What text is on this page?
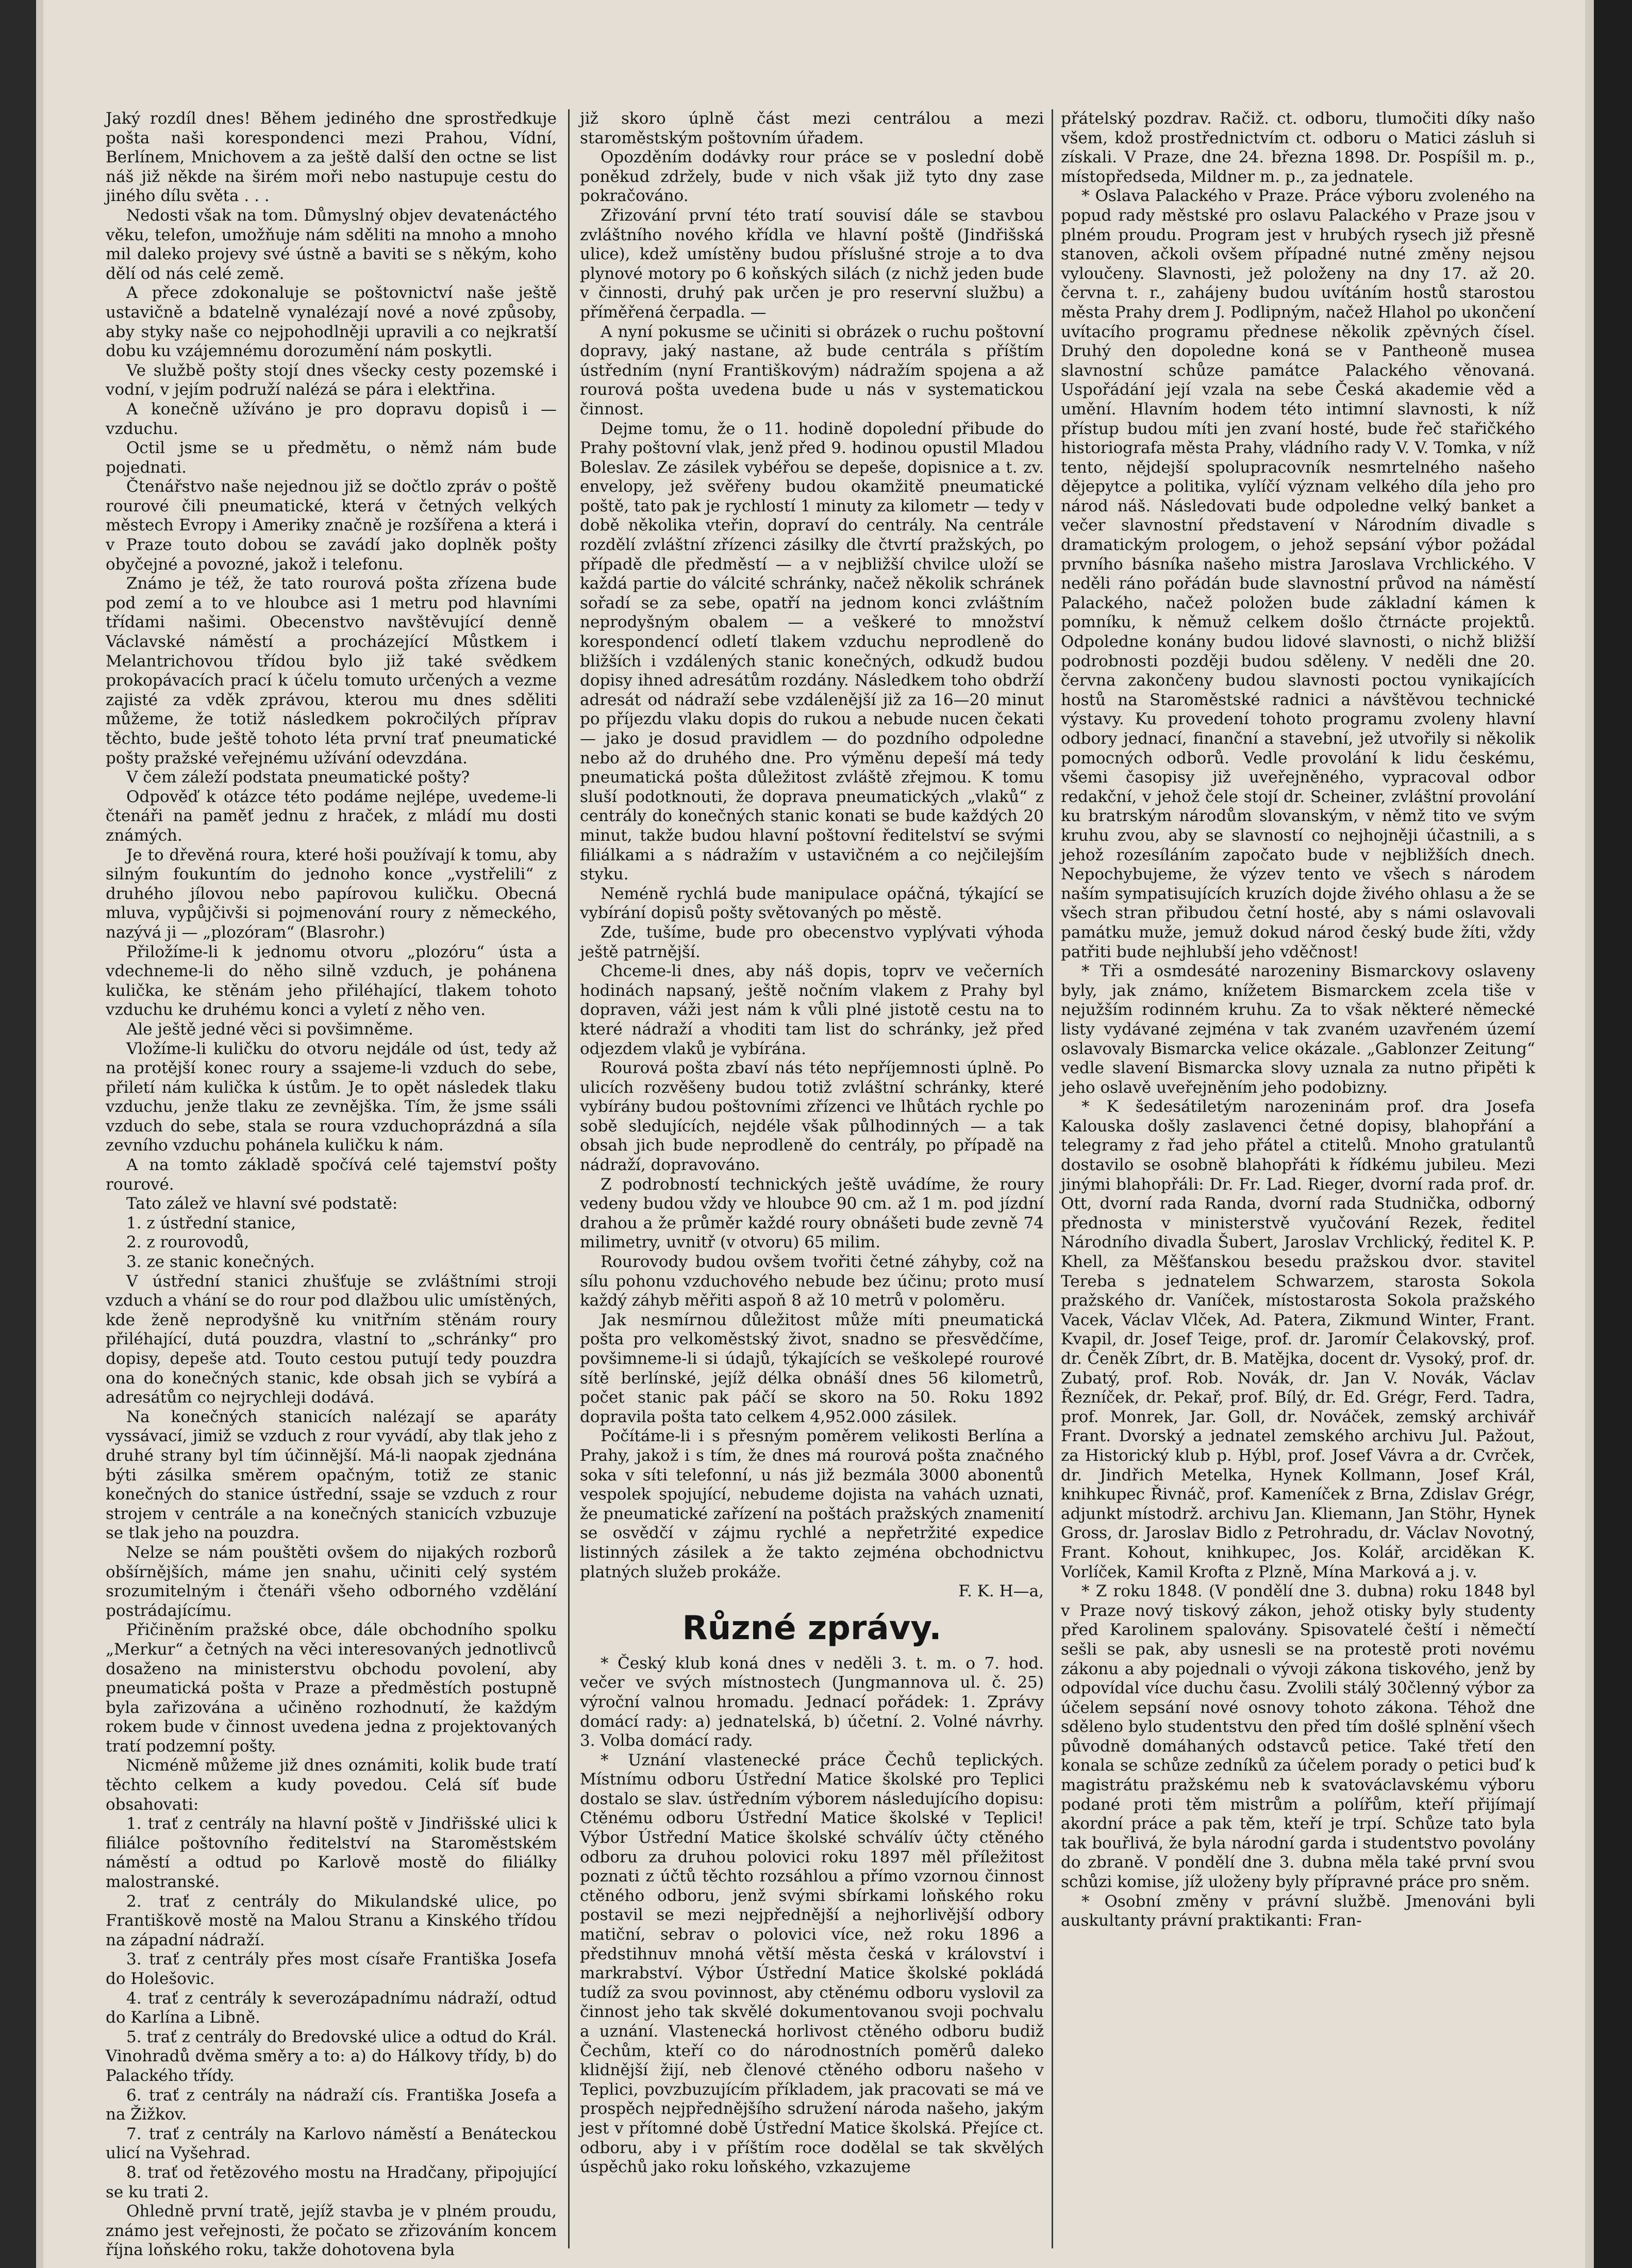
Jaký rozdíl dnes! Během jediného dne sprostředkuje pošta naši korespondenci mezi Prahou, Vídní, Berlínem, Mnichovem a za ještě další den octne se list náš již někde na širém moři nebo nastupuje cestu do jiného dílu světa . . .

Nedosti však na tom. Důmyslný objev devatenáctého věku, telefon, umožňuje nám sděliti na mnoho a mnoho mil daleko projevy své ústně a baviti se s někým, koho dělí od nás celé země.

A přece zdokonaluje se poštovnictví naše ještě ustavičně a bdatelně vynalézají nové a nové způsoby, aby styky naše co nejpohodlněji upravili a co nejkratší dobu ku vzájemnému dorozumění nám poskytli.

Ve službě pošty stojí dnes všecky cesty pozemské i vodní, v jejím podruží nalézá se pára i elektřina.

A konečně užíváno je pro dopravu dopisů i — vzduchu.

Octil jsme se u předmětu, o němž nám bude pojednati.

Čtenářstvo naše nejednou již se dočtlo zpráv o poště rourové čili pneumatické, která v četných velkých městech Evropy i Ameriky značně je rozšířena a která i v Praze touto dobou se zavádí jako doplněk pošty obyčejné a povozné, jakož i telefonu.

Známo je též, že tato rourová pošta zřízena bude pod zemí a to ve hloubce asi 1 metru pod hlavními třídami našimi. Obecenstvo navštěvující denně Václavské náměstí a procházející Můstkem i Melantrichovou třídou bylo již také svědkem prokopávacích prací k účelu tomuto určených a vezme zajisté za vděk zprávou, kterou mu dnes sděliti můžeme, že totiž následkem pokročilých příprav těchto, bude ještě tohoto léta první trať pneumatické pošty pražské veřejnému užívání odevzdána.

V čem záleží podstata pneumatické pošty?

Odpověď k otázce této podáme nejlépe, uvedeme-li čtenáři na paměť jednu z hraček, z mládí mu dosti známých.

Je to dřevěná roura, které hoši používají k tomu, aby silným foukuntím do jednoho konce „vystřelili“ z druhého jílovou nebo papírovou kuličku. Obecná mluva, vypůjčivši si pojmenování roury z německého, nazývá ji — „plozóram“ (Blasrohr.)

Přiložíme-li k jednomu otvoru „plozóru“ ústa a vdechneme-li do něho silně vzduch, je pohánena kulička, ke stěnám jeho přiléhající, tlakem tohoto vzduchu ke druhému konci a vyletí z něho ven.

Ale ještě jedné věci si povšimněme.

Vložíme-li kuličku do otvoru nejdále od úst, tedy až na protější konec roury a ssajeme-li vzduch do sebe, přiletí nám kulička k ústům. Je to opět následek tlaku vzduchu, jenže tlaku ze zevnějška. Tím, že jsme ssáli vzduch do sebe, stala se roura vzduchoprázdná a síla zevního vzduchu pohánela kuličku k nám.

A na tomto základě spočívá celé tajemství pošty rourové.

Tato zálež ve hlavní své podstatě:

1. z ústřední stanice,

2. z rourovodů,

3. ze stanic konečných.

V ústřední stanici zhušťuje se zvláštními stroji vzduch a vhání se do rour pod dlažbou ulic umístěných, kde ženě neprodyšně ku vnitřním stěnám roury přiléhající, dutá pouzdra, vlastní to „schránky“ pro dopisy, depeše atd. Touto cestou putují tedy pouzdra ona do konečných stanic, kde obsah jich se vybírá a adresátům co nejrychleji dodává.

Na konečných stanicích nalézají se aparáty vyssávací, jimiž se vzduch z rour vyvádí, aby tlak jeho z druhé strany byl tím účinnější. Má-li naopak zjednána býti zásilka směrem opačným, totiž ze stanic konečných do stanice ústřední, ssaje se vzduch z rour strojem v centrále a na konečných stanicích vzbuzuje se tlak jeho na pouzdra.

Nelze se nám pouštěti ovšem do nijakých rozborů obšírnějších, máme jen snahu, učiniti celý systém srozumitelným i čtenáři všeho odborného vzdělání postrádajícímu.

Přičiněním pražské obce, dále obchodního spolku „Merkur“ a četných na věci interesovaných jednotlivců dosaženo na ministerstvu obchodu povolení, aby pneumatická pošta v Praze a předměstích postupně byla zařizována a učiněno rozhodnutí, že každým rokem bude v činnost uvedena jedna z projektovaných tratí podzemní pošty.

Nicméně můžeme již dnes oznámiti, kolik bude tratí těchto celkem a kudy povedou. Celá síť bude obsahovati:

1. trať z centrály na hlavní poště v Jindřišské ulici k filiálce poštovního ředitelství na Staroměstském náměstí a odtud po Karlově mostě do filiálky malostranské.

2. trať z centrály do Mikulandské ulice, po Františkově mostě na Malou Stranu a Kinského třídou na západní nádraží.

3. trať z centrály přes most císaře Františka Josefa do Holešovic.

4. trať z centrály k severozápadnímu nádraží, odtud do Karlína a Libně.

5. trať z centrály do Bredovské ulice a odtud do Král. Vinohradů dvěma směry a to: a) do Hálkovy třídy, b) do Palackého třídy.

6. trať z centrály na nádraží cís. Františka Josefa a na Žižkov.

7. trať z centrály na Karlovo náměstí a Benáteckou ulicí na Vyšehrad.

8. trať od řetězového mostu na Hradčany, připojující se ku trati 2.

Ohledně první tratě, jejíž stavba je v plném proudu, známo jest veřejnosti, že počato se zřizováním koncem října loňského roku, takže dohotovena byla

již skoro úplně část mezi centrálou a mezi staroměstským poštovním úřadem.

Opozděním dodávky rour práce se v poslední době poněkud zdržely, bude v nich však již tyto dny zase pokračováno.

Zřizování první této tratí souvisí dále se stavbou zvláštního nového křídla ve hlavní poště (Jindřišská ulice), kdež umístěny budou příslušné stroje a to dva plynové motory po 6 koňských silách (z nichž jeden bude v činnosti, druhý pak určen je pro reservní službu) a příměřená čerpadla. —

A nyní pokusme se učiniti si obrázek o ruchu poštovní dopravy, jaký nastane, až bude centrála s příštím ústředním (nyní Františkovým) nádražím spojena a až rourová pošta uvedena bude u nás v systematickou činnost.

Dejme tomu, že o 11. hodině dopolední přibude do Prahy poštovní vlak, jenž před 9. hodinou opustil Mladou Boleslav. Ze zásilek vybéřou se depeše, dopisnice a t. zv. envelopy, jež svěřeny budou okamžitě pneumatické poště, tato pak je rychlostí 1 minuty za kilometr — tedy v době několika vteřin, dopraví do centrály. Na centrále rozdělí zvláštní zřízenci zásilky dle čtvrtí pražských, po případě dle předměstí — a v nejbližší chvilce uloží se každá partie do válcité schránky, načež několik schránek sořadí se za sebe, opatří na jednom konci zvláštním neprodyšným obalem — a veškeré to množství korespondencí odletí tlakem vzduchu neprodleně do bližších i vzdálených stanic konečných, odkudž budou dopisy ihned adresátům rozdány. Následkem toho obdrží adresát od nádraží sebe vzdálenější již za 16—20 minut po příjezdu vlaku dopis do rukou a nebude nucen čekati — jako je dosud pravidlem — do pozdního odpoledne nebo až do druhého dne. Pro výměnu depeší má tedy pneumatická pošta důležitost zvláště zřejmou. K tomu sluší podotknouti, že doprava pneumatických „vlaků“ z centrály do konečných stanic konati se bude každých 20 minut, takže budou hlavní poštovní ředitelství se svými filiálkami a s nádražím v ustavičném a co nejčilejším styku.

Neméně rychlá bude manipulace opáčná, týkající se vybírání dopisů pošty světovaných po městě.

Zde, tušíme, bude pro obecenstvo vyplývati výhoda ještě patrnější.

Chceme-li dnes, aby náš dopis, toprv ve večerních hodinách napsaný, ještě nočním vlakem z Prahy byl dopraven, váži jest nám k vůli plné jistotě cestu na to které nádraží a vhoditi tam list do schránky, jež před odjezdem vlaků je vybírána.

Rourová pošta zbaví nás této nepříjemnosti úplně. Po ulicích rozvěšeny budou totiž zvláštní schránky, které vybírány budou poštovními zřízenci ve lhůtách rychle po sobě sledujících, nejdéle však půlhodinných — a tak obsah jich bude neprodleně do centrály, po případě na nádraží, dopravováno.

Z podrobností technických ještě uvádíme, že roury vedeny budou vždy ve hloubce 90 cm. až 1 m. pod jízdní drahou a že průměr každé roury obnášeti bude zevně 74 milimetry, uvnitř (v otvoru) 65 milim.

Rourovody budou ovšem tvořiti četné záhyby, což na sílu pohonu vzduchového nebude bez účinu; proto musí každý záhyb měřiti aspoň 8 až 10 metrů v poloměru.

Jak nesmírnou důležitost může míti pneumatická pošta pro velkoměstský život, snadno se přesvědčíme, povšimneme-li si údajů, týkajících se veškolepé rourové sítě berlínské, jejíž délka obnáší dnes 56 kilometrů, počet stanic pak páčí se skoro na 50. Roku 1892 dopravila pošta tato celkem 4,952.000 zásilek.

Počítáme-li i s přesným poměrem velikosti Berlína a Prahy, jakož i s tím, že dnes má rourová pošta značného soka v síti telefonní, u nás již bezmála 3000 abonentů vespolek spojující, nebudeme dojista na vahách uznati, že pneumatické zařízení na poštách pražských znamenití se osvědčí v zájmu rychlé a nepřetržité expedice listinných zásilek a že takto zejména obchodnictvu platných služeb prokáže.

F. K. H—a,

Různé zprávy.

* Český klub koná dnes v neděli 3. t. m. o 7. hod. večer ve svých místnostech (Jungmannova ul. č. 25) výroční valnou hromadu. Jednací pořádek: 1. Zprávy domácí rady: a) jednatelská, b) účetní. 2. Volné návrhy. 3. Volba domácí rady.

* Uznání vlastenecké práce Čechů teplických. Místnímu odboru Ústřední Matice školské pro Teplici dostalo se slav. ústředním výborem následujícího dopisu: Ctěnému odboru Ústřední Matice školské v Teplici! Výbor Ústřední Matice školské schválív účty ctěného odboru za druhou polovici roku 1897 měl příležitost poznati z účtů těchto rozsáhlou a přímo vzornou činnost ctěného odboru, jenž svými sbírkami loňského roku postavil se mezi nejpřednější a nejhorlivější odbory matiční, sebrav o polovici více, než roku 1896 a předstihnuv mnohá větší města česká v království i markrabství. Výbor Ústřední Matice školské pokládá tudíž za svou povinnost, aby ctěnému odboru vyslovil za činnost jeho tak skvělé dokumentovanou svoji pochvalu a uznání. Vlastenecká horlivost ctěného odboru budiž Čechům, kteří co do národnostních poměrů daleko klidnější žijí, neb členové ctěného odboru našeho v Teplici, povzbuzujícím příkladem, jak pracovati se má ve prospěch nejpřednějšího sdružení národa našeho, jakým jest v přítomné době Ústřední Matice školská. Přejíce ct. odboru, aby i v příštím roce dodělal se tak skvělých úspěchů jako roku loňského, vzkazujeme

přátelský pozdrav. Račiž. ct. odboru, tlumočiti díky našo všem, kdož prostřednictvím ct. odboru o Matici zásluh si získali. V Praze, dne 24. března 1898. Dr. Pospíšil m. p., místopředseda, Mildner m. p., za jednatele.

* Oslava Palackého v Praze. Práce výboru zvoleného na popud rady městské pro oslavu Palackého v Praze jsou v plném proudu. Program jest v hrubých rysech již přesně stanoven, ačkoli ovšem případné nutné změny nejsou vyloučeny. Slavnosti, jež položeny na dny 17. až 20. června t. r., zahájeny budou uvítáním hostů starostou města Prahy drem J. Podlipným, načež Hlahol po ukončení uvítacího programu přednese několik zpěvných čísel. Druhý den dopoledne koná se v Pantheoně musea slavnostní schůze památce Palackého věnovaná. Uspořádání její vzala na sebe Česká akademie věd a umění. Hlavním hodem této intimní slavnosti, k níž přístup budou míti jen zvaní hosté, bude řeč stařičkého historiografa města Prahy, vládního rady V. V. Tomka, v níž tento, nějdejší spolupracovník nesmrtelného našeho dějepytce a politika, vylíčí význam velkého díla jeho pro národ náš. Následovati bude odpoledne velký banket a večer slavnostní představení v Národním divadle s dramatickým prologem, o jehož sepsání výbor požádal prvního básníka našeho mistra Jaroslava Vrchlického. V neděli ráno pořádán bude slavnostní průvod na náměstí Palackého, načež položen bude základní kámen k pomníku, k němuž celkem došlo čtrnácte projektů. Odpoledne konány budou lidové slavnosti, o nichž bližší podrobnosti později budou sděleny. V neděli dne 20. června zakončeny budou slavnosti poctou vynikajících hostů na Staroměstské radnici a návštěvou technické výstavy. Ku provedení tohoto programu zvoleny hlavní odbory jednací, finanční a stavební, jež utvořily si několik pomocných odborů. Vedle provolání k lidu českému, všemi časopisy již uveřejněného, vypracoval odbor redakční, v jehož čele stojí dr. Scheiner, zvláštní provolání ku bratrským národům slovanským, v němž tito ve svým kruhu zvou, aby se slavností co nejhojněji účastnili, a s jehož rozesíláním započato bude v nejbližších dnech. Nepochybujeme, že výzev tento ve všech s národem naším sympatisujících kruzích dojde živého ohlasu a že se všech stran přibudou četní hosté, aby s námi oslavovali památku muže, jemuž dokud národ český bude žíti, vždy patřiti bude nejhlubší jeho vděčnost!

* Tři a osmdesáté narozeniny Bismarckovy oslaveny byly, jak známo, knížetem Bismarckem zcela tiše v nejužším rodinném kruhu. Za to však některé německé listy vydávané zejména v tak zvaném uzavřeném území oslavovaly Bismarcka velice okázale. „Gablonzer Zeitung“ vedle slavení Bismarcka slovy uznala za nutno připěti k jeho oslavě uveřejněním jeho podobizny.

* K šedesátiletým narozeninám prof. dra Josefa Kalouska došly zaslavenci četné dopisy, blahopřání a telegramy z řad jeho přátel a ctitelů. Mnoho gratulantů dostavilo se osobně blahopřáti k řídkému jubileu. Mezi jinými blahopřáli: Dr. Fr. Lad. Rieger, dvorní rada prof. dr. Ott, dvorní rada Randa, dvorní rada Studnička, odborný přednosta v ministerstvě vyučování Rezek, ředitel Národního divadla Šubert, Jaroslav Vrchlický, ředitel K. P. Khell, za Měšťanskou besedu pražskou dvor. stavitel Tereba s jednatelem Schwarzem, starosta Sokola pražského dr. Vaníček, místostarosta Sokola pražského Vacek, Václav Vlček, Ad. Patera, Zikmund Winter, Frant. Kvapil, dr. Josef Teige, prof. dr. Jaromír Čelakovský, prof. dr. Čeněk Zíbrt, dr. B. Matějka, docent dr. Vysoký, prof. dr. Zubatý, prof. Rob. Novák, dr. Jan V. Novák, Václav Řezníček, dr. Pekař, prof. Bílý, dr. Ed. Grégr, Ferd. Tadra, prof. Monrek, Jar. Goll, dr. Nováček, zemský archivář Frant. Dvorský a jednatel zemského archivu Jul. Pažout, za Historický klub p. Hýbl, prof. Josef Vávra a dr. Cvrček, dr. Jindřich Metelka, Hynek Kollmann, Josef Král, knihkupec Řivnáč, prof. Kameníček z Brna, Zdislav Grégr, adjunkt místodrž. archivu Jan. Kliemann, Jan Stöhr, Hynek Gross, dr. Jaroslav Bidlo z Petrohradu, dr. Václav Novotný, Frant. Kohout, knihkupec, Jos. Kolář, arciděkan K. Vorlíček, Kamil Krofta z Plzně, Mína Marková a j. v.

* Z roku 1848. (V pondělí dne 3. dubna) roku 1848 byl v Praze nový tiskový zákon, jehož otisky byly studenty před Karolinem spalovány. Spisovatelé čeští i němečtí sešli se pak, aby usnesli se na protestě proti novému zákonu a aby pojednali o vývoji zákona tiskového, jenž by odpovídal více duchu času. Zvolili stálý 30členný výbor za účelem sepsání nové osnovy tohoto zákona. Téhož dne sděleno bylo studentstvu den před tím došlé splnění všech původně domáhaných odstavců petice. Také třetí den konala se schůze zedníků za účelem porady o petici buď k magistrátu pražskému neb k svatováclavskému výboru podané proti těm mistrům a polířům, kteří přijímají akordní práce a pak těm, kteří je trpí. Schůze tato byla tak bouřlivá, že byla národní garda i studentstvo povolány do zbraně. V pondělí dne 3. dubna měla také první svou schůzi komise, jíž uloženy byly přípravné práce pro sněm.

* Osobní změny v právní službě. Jmenováni byli auskultanty právní praktikanti: Fran-
